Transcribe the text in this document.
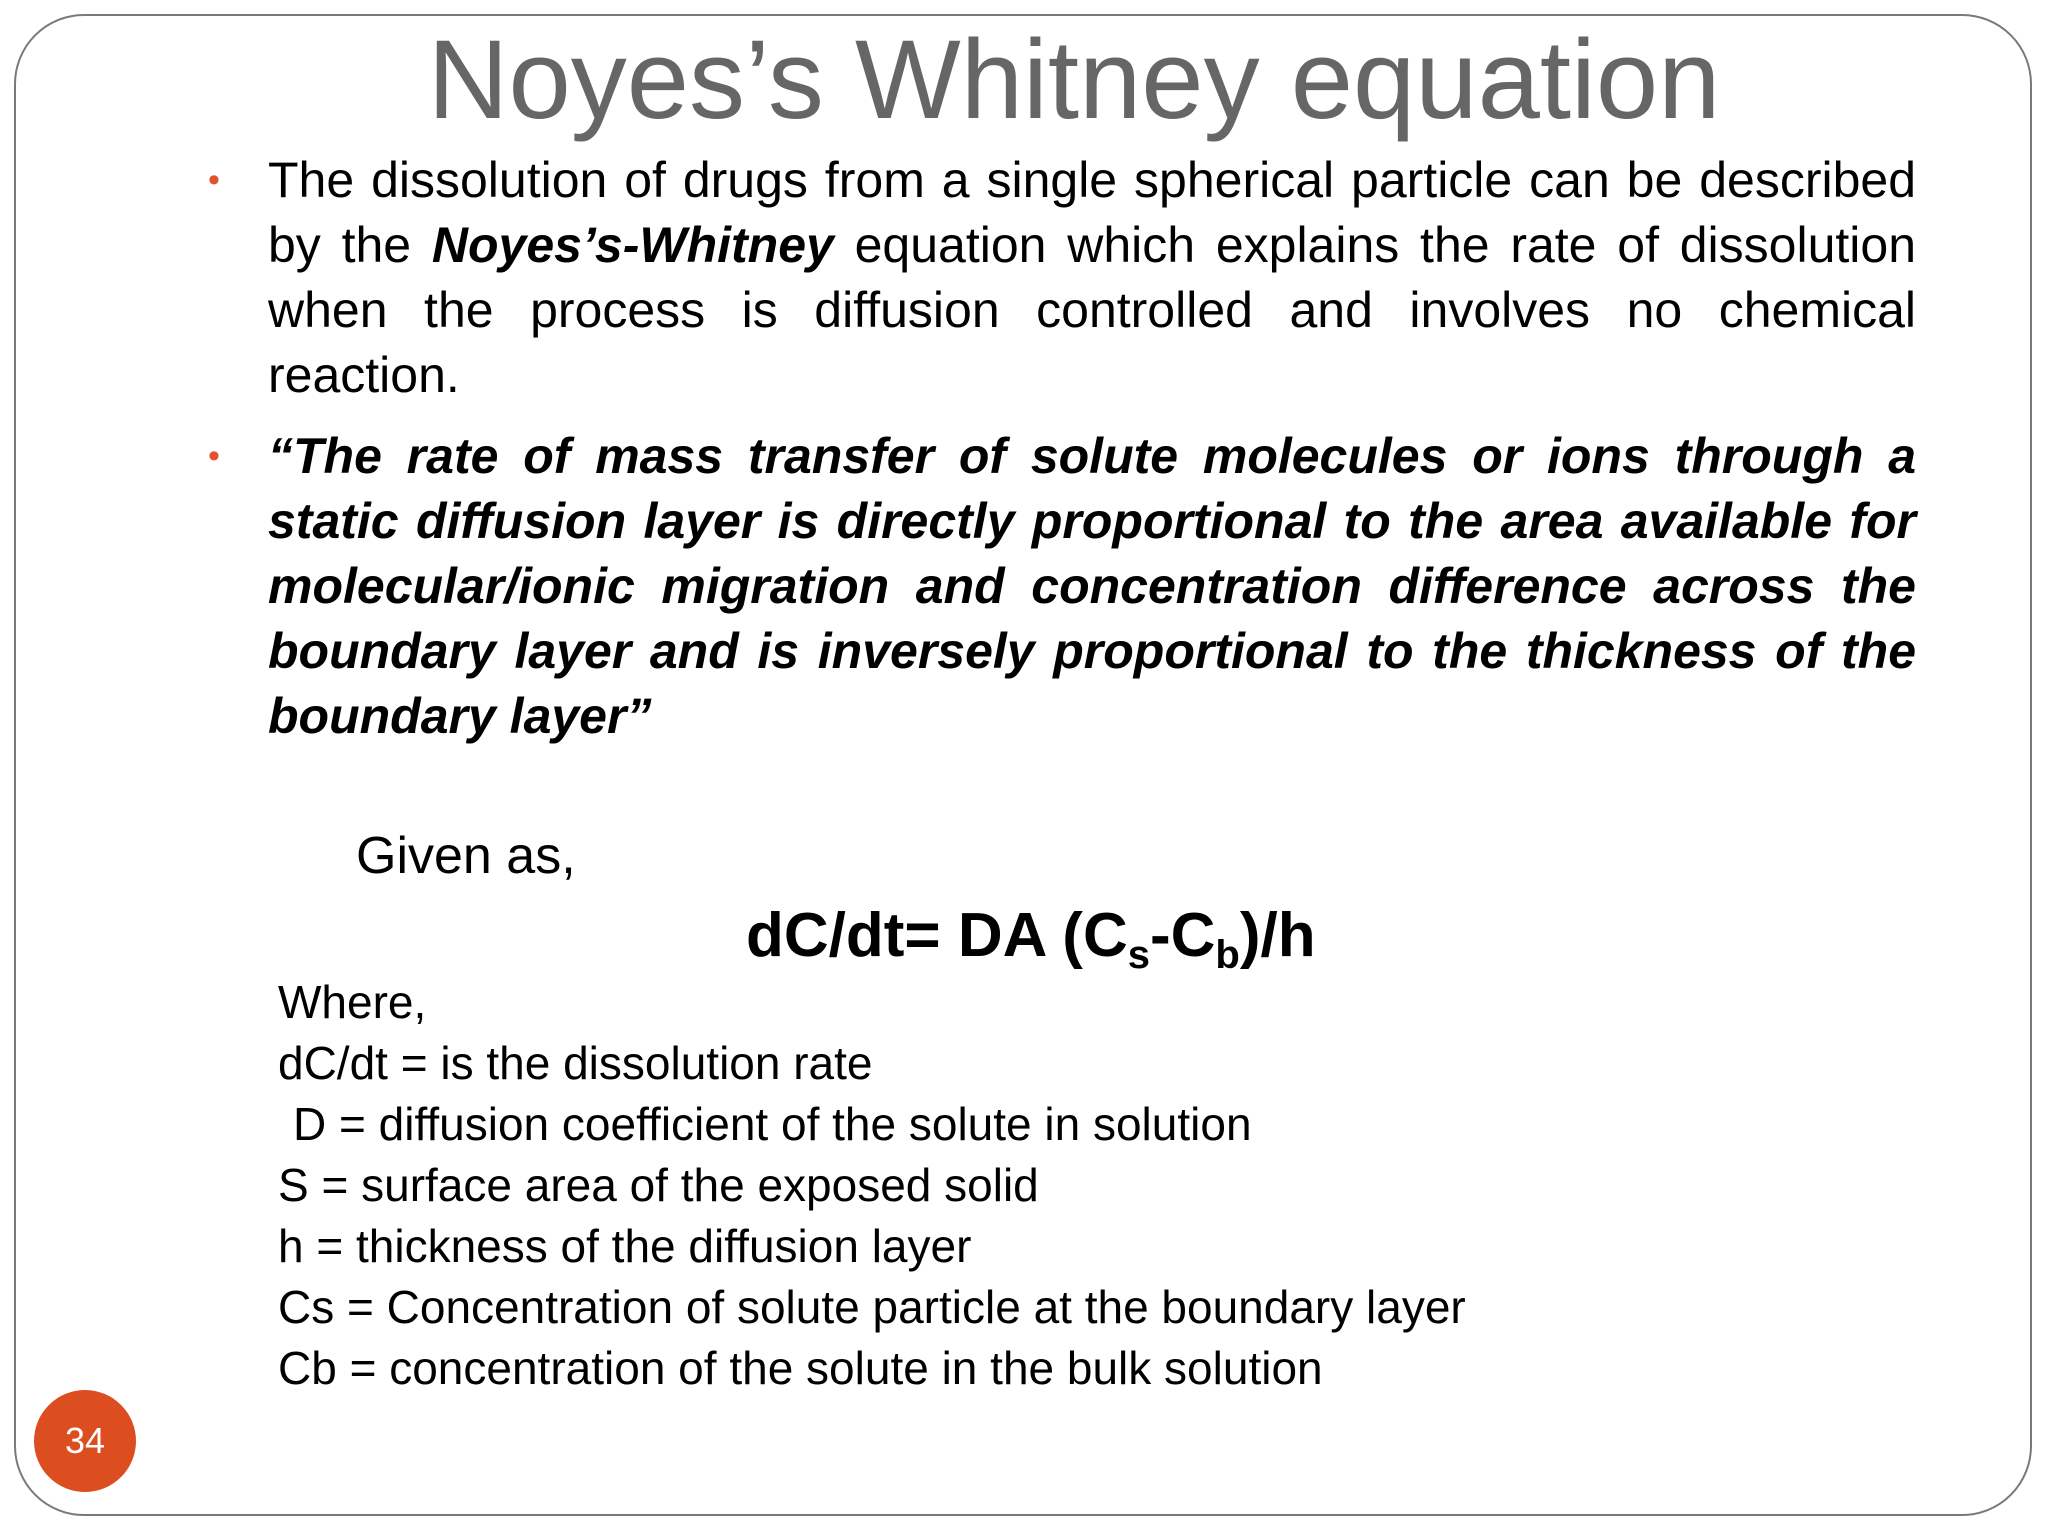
Noyes’s Whitney equation
• The dissolution of drugs from a single spherical particle can be described by the Noyes’s-Whitney equation which explains the rate of dissolution when the process is diffusion controlled and involves no chemical reaction.
• “The rate of mass transfer of solute molecules or ions through a static diffusion layer is directly proportional to the area available for molecular/ionic migration and concentration difference across the boundary layer and is inversely proportional to the thickness of the boundary layer”
Given as,
dC/dt= DA $(C_s-C_b)/h$
Where,
dC/dt = is the dissolution rate
D = diffusion coefficient of the solute in solution
S = surface area of the exposed solid
h = thickness of the diffusion layer
Cs = Concentration of solute particle at the boundary layer
Cb = concentration of the solute in the bulk solution
34
